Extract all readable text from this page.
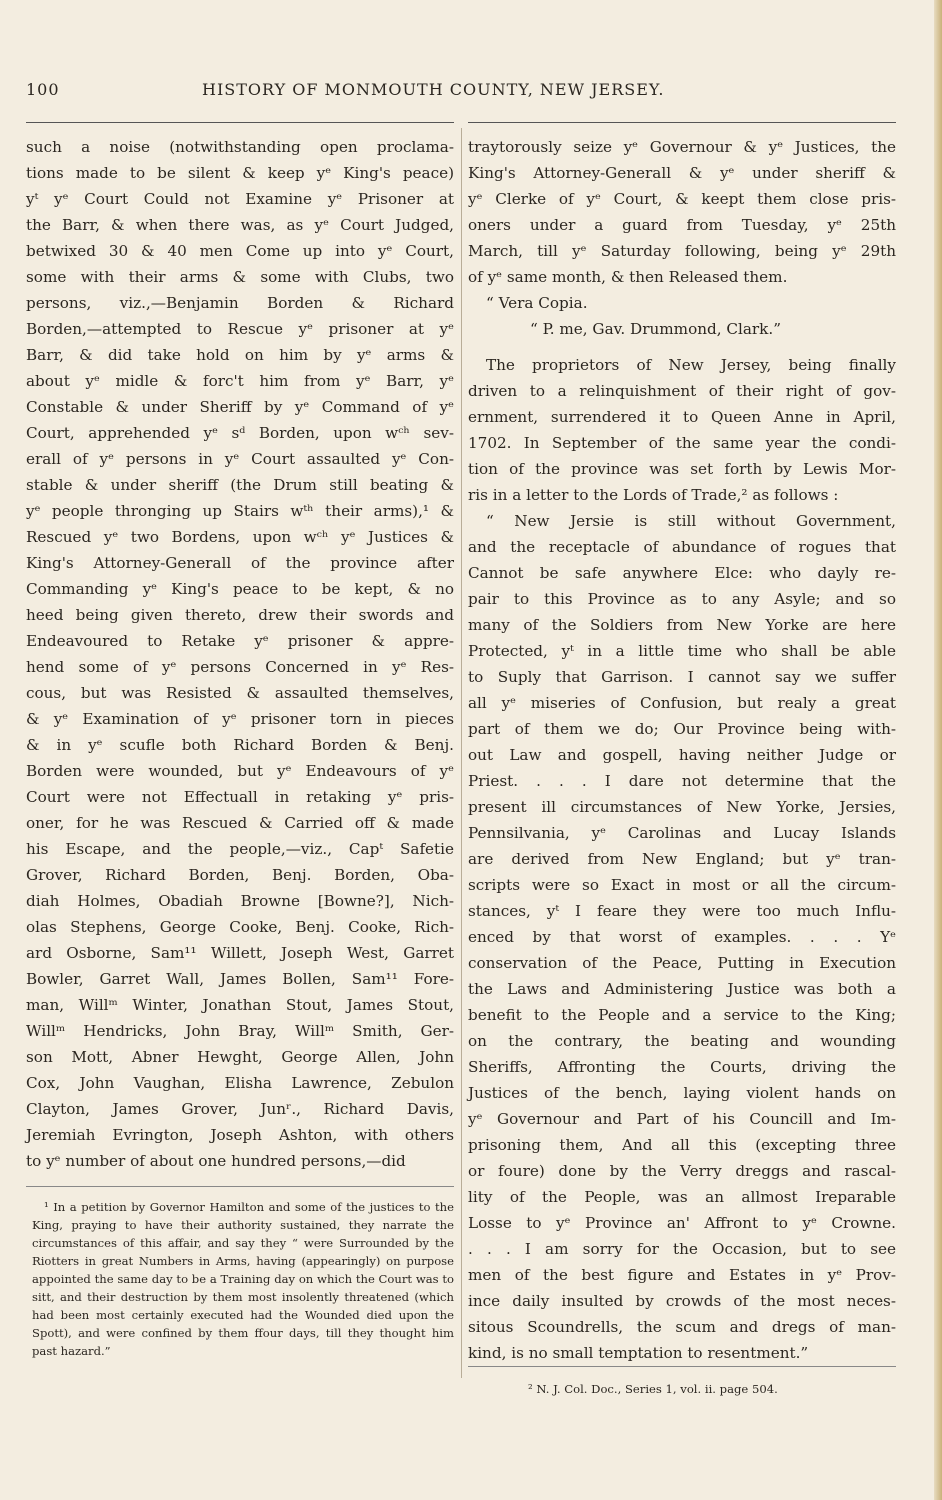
100	HISTORY OF MONMOUTH COUNTY, NEW JERSEY.

such a noise (notwithstanding open proclama-

tions made to be silent & keep yᵉ King's peace)

yᵗ yᵉ Court Could not Examine yᵉ Prisoner at

the Barr, & when there was, as yᵉ Court Judged,

betwixed 30 & 40 men Come up into yᵉ Court,

some with their arms & some with Clubs, two

persons, viz.,—Benjamin Borden & Richard

Borden,—attempted to Rescue yᵉ prisoner at yᵉ

Barr, & did take hold on him by yᵉ arms &

about yᵉ midle & forc't him from yᵉ Barr, yᵉ

Constable & under Sheriff by yᵉ Command of yᵉ

Court, apprehended yᵉ sᵈ Borden, upon wᶜʰ sev-

erall of yᵉ persons in yᵉ Court assaulted yᵉ Con-

stable & under sheriff (the Drum still beating &

yᵉ people thronging up Stairs wᵗʰ their arms),¹ &

Rescued yᵉ two Bordens, upon wᶜʰ yᵉ Justices &

King's Attorney-Generall of the province after

Commanding yᵉ King's peace to be kept, & no

heed being given thereto, drew their swords and

Endeavoured to Retake yᵉ prisoner & appre-

hend some of yᵉ persons Concerned in yᵉ Res-

cous, but was Resisted & assaulted themselves,

& yᵉ Examination of yᵉ prisoner torn in pieces

& in yᵉ scufle both Richard Borden & Benj.

Borden were wounded, but yᵉ Endeavours of yᵉ

Court were not Effectuall in retaking yᵉ pris-

oner, for he was Rescued & Carried off & made

his Escape, and the people,—viz., Capᵗ Safetie

Grover, Richard Borden, Benj. Borden, Oba-

diah Holmes, Obadiah Browne [Bowne?], Nich-

olas Stephens, George Cooke, Benj. Cooke, Rich-

ard Osborne, Sam¹¹ Willett, Joseph West, Garret

Bowler, Garret Wall, James Bollen, Sam¹¹ Fore-

man, Willᵐ Winter, Jonathan Stout, James Stout,

Willᵐ Hendricks, John Bray, Willᵐ Smith, Ger-

son Mott, Abner Hewght, George Allen, John

Cox, John Vaughan, Elisha Lawrence, Zebulon

Clayton, James Grover, Junʳ., Richard Davis,

Jeremiah Evrington, Joseph Ashton, with others

to yᵉ number of about one hundred persons,—did

¹ In a petition by Governor Hamilton and some of the justices to the King, praying to have their authority sustained, they narrate the circumstances of this affair, and say they “ were Surrounded by the Riotters in great Numbers in Arms, having (appearingly) on purpose appointed the same day to be a Training day on which the Court was to sitt, and their destruction by them most insolently threatened (which had been most certainly executed had the Wounded died upon the Spott), and were confined by them ffour days, till they thought him past hazard.”

traytorously seize yᵉ Governour & yᵉ Justices, the

King's Attorney-Generall & yᵉ under sheriff &

yᵉ Clerke of yᵉ Court, & keept them close pris-

oners under a guard from Tuesday, yᵉ 25th

March, till yᵉ Saturday following, being yᵉ 29th

of yᵉ same month, & then Released them.

“ Vera Copia.

“ P. me, Gav. Drummond, Clark.”

The proprietors of New Jersey, being finally

driven to a relinquishment of their right of gov-

ernment, surrendered it to Queen Anne in April,

1702. In September of the same year the condi-

tion of the province was set forth by Lewis Mor-

ris in a letter to the Lords of Trade,² as follows :

“ New Jersie is still without Government,

and the receptacle of abundance of rogues that

Cannot be safe anywhere Elce: who dayly re-

pair to this Province as to any Asyle; and so

many of the Soldiers from New Yorke are here

Protected, yᵗ in a little time who shall be able

to Suply that Garrison. I cannot say we suffer

all yᵉ miseries of Confusion, but realy a great

part of them we do; Our Province being with-

out Law and gospell, having neither Judge or

Priest. . . . I dare not determine that the

present ill circumstances of New Yorke, Jersies,

Pennsilvania, yᵉ Carolinas and Lucay Islands

are derived from New England; but yᵉ tran-

scripts were so Exact in most or all the circum-

stances, yᵗ I feare they were too much Influ-

enced by that worst of examples. . . . Yᵉ

conservation of the Peace, Putting in Execution

the Laws and Administering Justice was both a

benefit to the People and a service to the King;

on the contrary, the beating and wounding

Sheriffs, Affronting the Courts, driving the

Justices of the bench, laying violent hands on

yᵉ Governour and Part of his Councill and Im-

prisoning them, And all this (excepting three

or foure) done by the Verry dreggs and rascal-

lity of the People, was an allmost Ireparable

Losse to yᵉ Province an' Affront to yᵉ Crowne.

. . . I am sorry for the Occasion, but to see

men of the best figure and Estates in yᵉ Prov-

ince daily insulted by crowds of the most neces-

sitous Scoundrells, the scum and dregs of man-

kind, is no small temptation to resentment.”

² N. J. Col. Doc., Series 1, vol. ii. page 504.
